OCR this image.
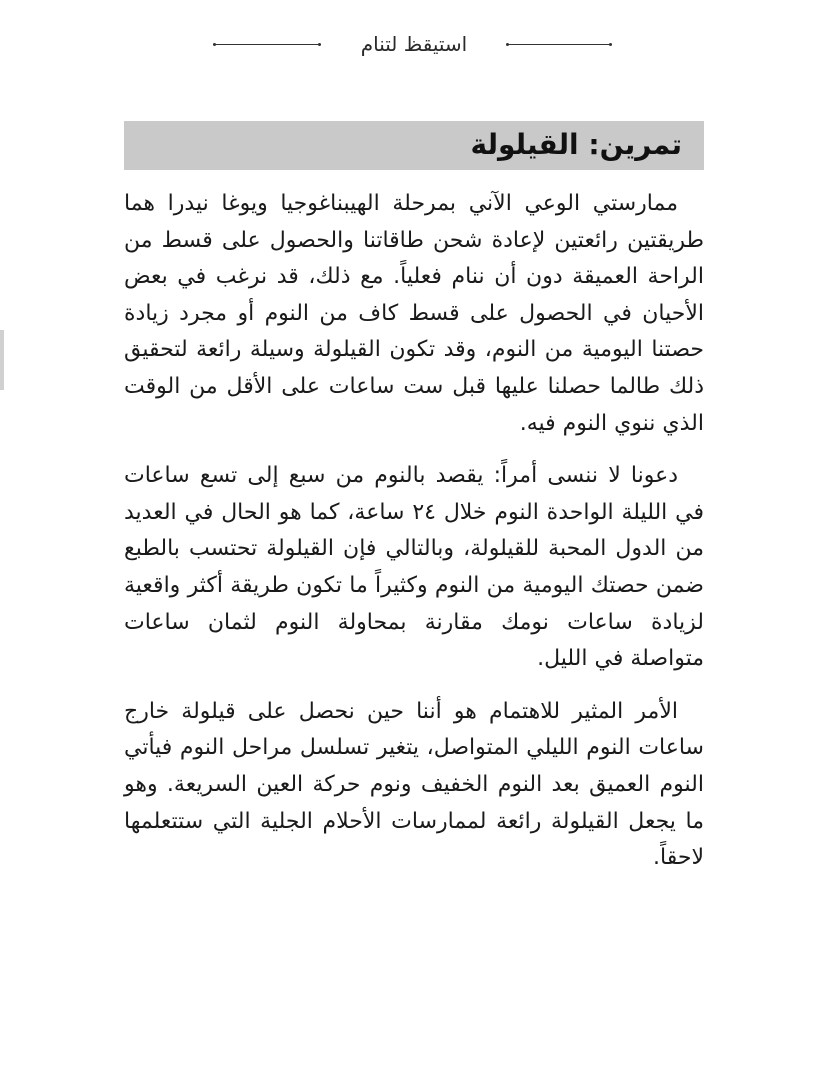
استيقظ لتنام
تمرين: القيلولة

ممارستي الوعي الآني بمرحلة الهيبناغوجيا ويوغا نيدرا هما طريقتين رائعتين لإعادة شحن طاقاتنا والحصول على قسط من الراحة العميقة دون أن ننام فعلياً. مع ذلك، قد نرغب في بعض الأحيان في الحصول على قسط كاف من النوم أو مجرد زيادة حصتنا اليومية من النوم، وقد تكون القيلولة وسيلة رائعة لتحقيق ذلك طالما حصلنا عليها قبل ست ساعات على الأقل من الوقت الذي ننوي النوم فيه.

دعونا لا ننسى أمراً: يقصد بالنوم من سبع إلى تسع ساعات في الليلة الواحدة النوم خلال ٢٤ ساعة، كما هو الحال في العديد من الدول المحبة للقيلولة، وبالتالي فإن القيلولة تحتسب بالطبع ضمن حصتك اليومية من النوم وكثيراً ما تكون طريقة أكثر واقعية لزيادة ساعات نومك مقارنة بمحاولة النوم لثمان ساعات متواصلة في الليل.

الأمر المثير للاهتمام هو أننا حين نحصل على قيلولة خارج ساعات النوم الليلي المتواصل، يتغير تسلسل مراحل النوم فيأتي النوم العميق بعد النوم الخفيف ونوم حركة العين السريعة. وهو ما يجعل القيلولة رائعة لممارسات الأحلام الجلية التي ستتعلمها لاحقاً.
